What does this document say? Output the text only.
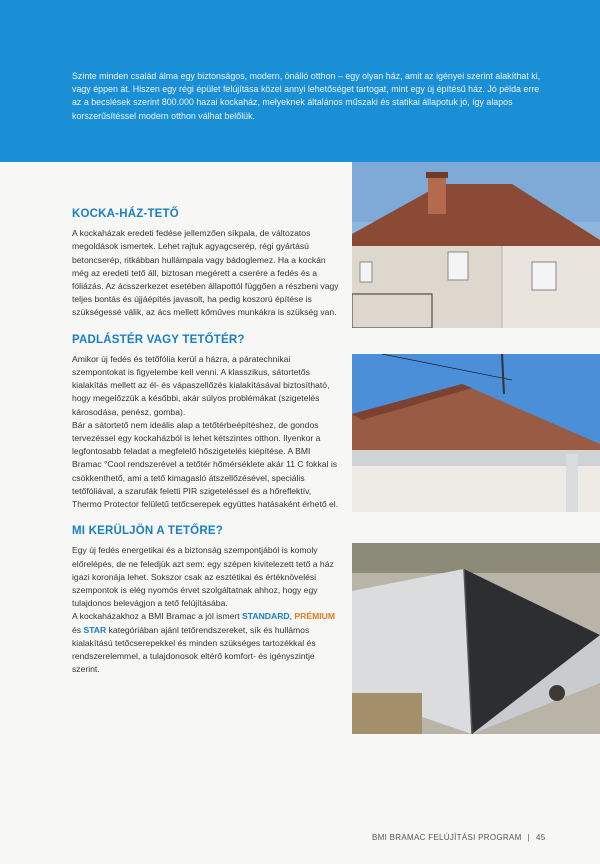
Szinte minden család álma egy biztonságos, modern, önálló otthon – egy olyan ház, amit az igényei szerint alakíthat ki, vagy éppen át. Hiszen egy régi épület felújítása közel annyi lehetőséget tartogat, mint egy új építésű ház. Jó példa erre az a becslések szerint 800.000 hazai kockaház, melyeknek általános műszaki és statikai állapotuk jó, így alapos korszerűsítéssel modern otthon válhat belőlük.

KOCKA-HÁZ-TETŐ

A kockaházak eredeti fedése jellemzően síkpala, de változatos megoldások ismertek. Lehet rajtuk agyagcserép, régi gyártású betoncserép, ritkábban hullámpala vagy bádoglemez. Ha a kockán még az eredeti tető áll, biztosan megérett a cserére a fedés és a fóliázás. Az ácsszerkezet esetében állapottól függően a részbeni vagy teljes bontás és újjáépítés javasolt, ha pedig koszorú építése is szükségessé válik, az ács mellett kőműves munkákra is szükség van.

PADLÁSTÉR VAGY TETŐTÉR?

Amikor új fedés és tetőfólia kerül a házra, a páratechnikai szempontokat is figyelembe kell venni. A klasszikus, sátortetős kialakítás mellett az él- és vápaszellőzés kialakításával biztosítható, hogy megelőzzük a későbbi, akár súlyos problémákat (szigetelés károsodása, penész, gomba).

Bár a sátortető nem ideális alap a tetőtérbeépítéshez, de gondos tervezéssel egy kockaházból is lehet kétszintes otthon. Ilyenkor a legfontosabb feladat a megfelelő hőszigetelés kiépítése. A BMI Bramac °Cool rendszerével a tetőtér hőmérséklete akár 11 C fokkal is csökkenthető, ami a tető kimagasló átszellőzésével, speciális tetőfóliával, a szarufák feletti PIR szigeteléssel és a hőreflektív, Thermo Protector felületű tetőcserepek együttes hatásaként érhető el.

MI KERÜLJÖN A TETŐRE?

Egy új fedés energetikai és a biztonság szempontjából is komoly előrelépés, de ne feledjük azt sem: egy szépen kivitelezett tető a ház igazi koronája lehet. Sokszor csak az esztétikai és értéknövelési szempontok is elég nyomós érvet szolgáltatnak ahhoz, hogy egy tulajdonos belevágjon a tető felújításába.

A kockaházakhoz a BMI Bramac a jól ismert STANDARD, PRÉMIUM és STAR kategóriában ajánl tetőrendszereket, sík és hullámos kialakítású tetőcserepekkel és minden szükséges tartozékkal és rendszerelemmel, a tulajdonosok eltérő komfort- és igényszintje szerint.

BMI BRAMAC FELÚJÍTÁSI PROGRAM | 45
